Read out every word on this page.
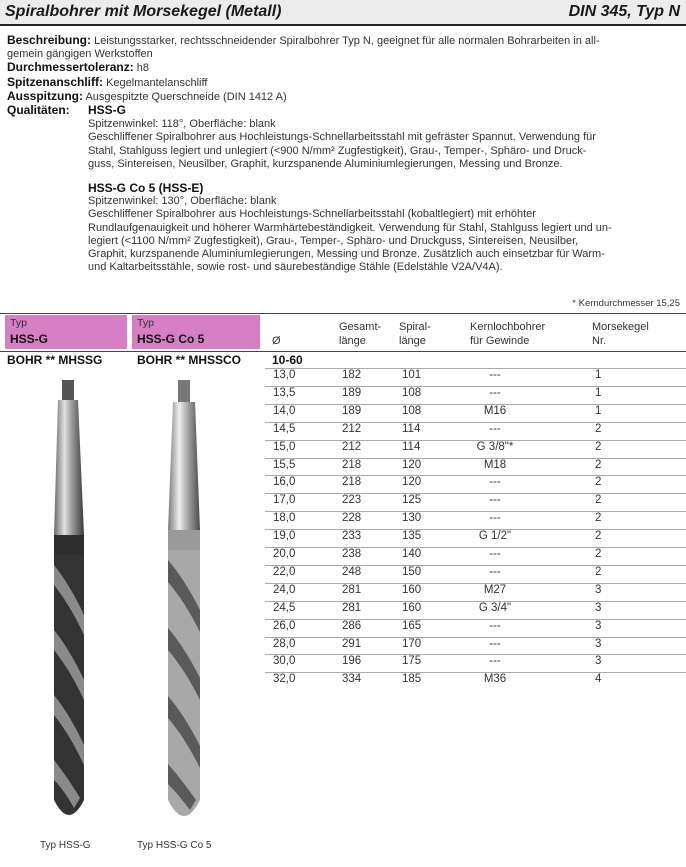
Spiralbohrer mit Morsekegel (Metall)	DIN 345, Typ N
Beschreibung: Leistungsstarker, rechtsschneidender Spiralbohrer Typ N, geeignet für alle normalen Bohrarbeiten in all-
gemein gängigen Werkstoffen
Durchmessertoleranz: h8
Spitzenanschliff: Kegelmantelanschliff
Ausspitzung: Ausgespitzte Querschneide (DIN 1412 A)
Qualitäten: HSS-G
Spitzenwinkel: 118°, Oberfläche: blank
Geschliffener Spiralbohrer aus Hochleistungs-Schnellarbeitsstahl mit gefräster Spannut. Verwendung für
Stahl, Stahlguss legiert und unlegiert (<900 N/mm² Zugfestigkeit), Grau-, Temper-, Sphäro- und Druck-
guss, Sintereisen, Neusilber, Graphit, kurzspanende Aluminiumlegierungen, Messing und Bronze.
HSS-G Co 5 (HSS-E)
Spitzenwinkel: 130°, Oberfläche: blank
Geschliffener Spiralbohrer aus Hochleistungs-Schnellarbeitsstahl (kobaltlegiert) mit erhöhter
Rundlaufgenauigkeit und höherer Warmhärtebeständigkeit. Verwendung für Stahl, Stahlguss legiert und un-
legiert (<1100 N/mm² Zugfestigkeit), Grau-, Temper-, Sphäro- und Druckguss, Sintereisen, Neusilber,
Graphit, kurzspanende Aluminiumlegierungen, Messing und Bronze. Zusätzlich auch einsetzbar für Warm-
und Kaltarbeitsstähle, sowie rost- und säurebeständige Stähle (Edelstähle V2A/V4A).
* Kerndurchmesser 15,25
Typ
HSS-G
Typ
HSS-G Co 5	Ø
Gesamt-
länge
Spiral-
länge
Kernlochbohrer
für Gewinde
Morsekegel
Nr.
BOHR ** MHSSG	BOHR ** MHSSCO	10-60
13,0	182	101	---	1
13,5	189	108	---	1
14,0	189	108	M16	1
14,5	212	114	---	2
15,0	212	114	G 3/8"*	2
15,5	218	120	M18	2
16,0	218	120	---	2
17,0	223	125	---	2
18,0	228	130	---	2
19,0	233	135	G 1/2"	2
20,0	238	140	---	2
22,0	248	150	---	2
24,0	281	160	M27	3
24,5	281	160	G 3/4"	3
26,0	286	165	---	3
28,0	291	170	---	3
30,0	196	175	---	3
32,0	334	185	M36	4
Typ HSS-G	Typ HSS-G Co 5
